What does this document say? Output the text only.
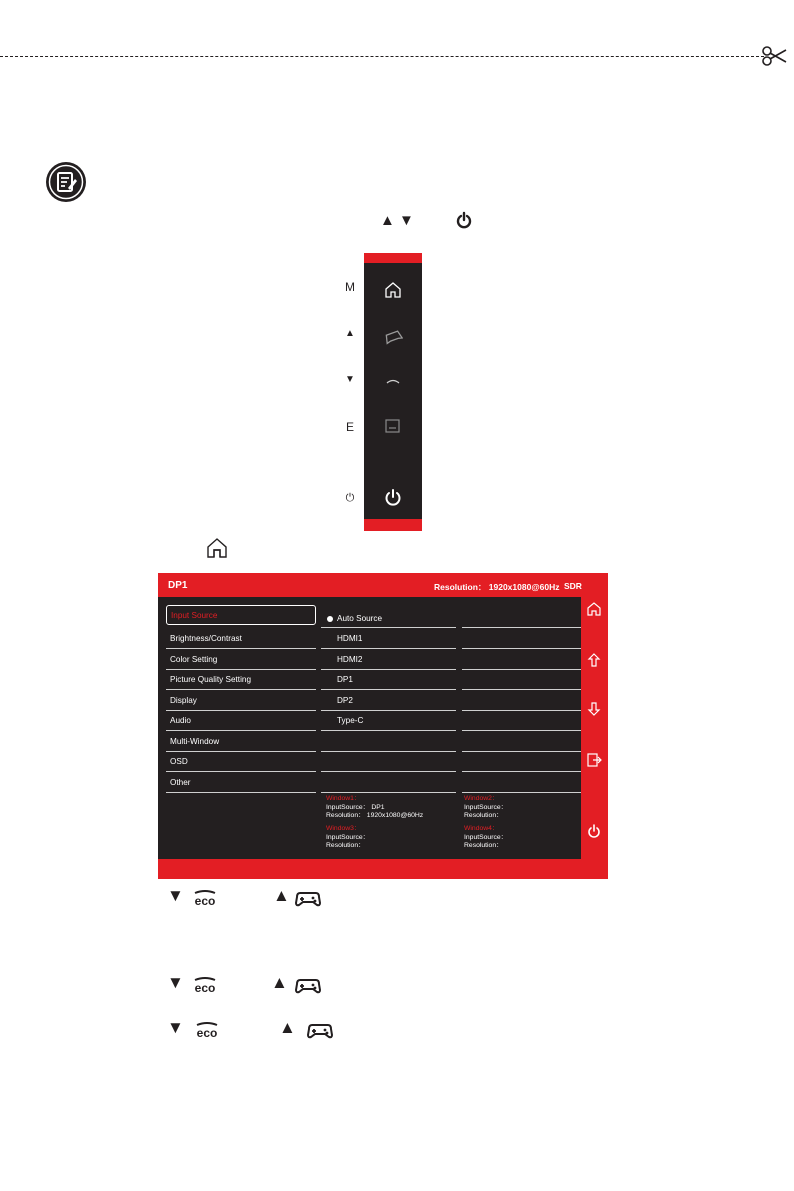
▲ ▼
M
▲
▼
E
⏻
DP1	Resolution： 1920x1080@60Hz SDR
Input Source
Brightness/Contrast
Color Setting
Picture Quality Setting
Display
Audio
Multi-Window
OSD
Other
Auto Source
HDMI1
HDMI2
DP1
DP2
Type-C
Window1：
InputSource： DP1
Resolution： 1920x1080@60Hz
Window2：
InputSource：
Resolution：
Window3：
InputSource：
Resolution：
Window4：
InputSource：
Resolution：
▼ eco	▲
▼ eco	▲
▼ eco	▲
